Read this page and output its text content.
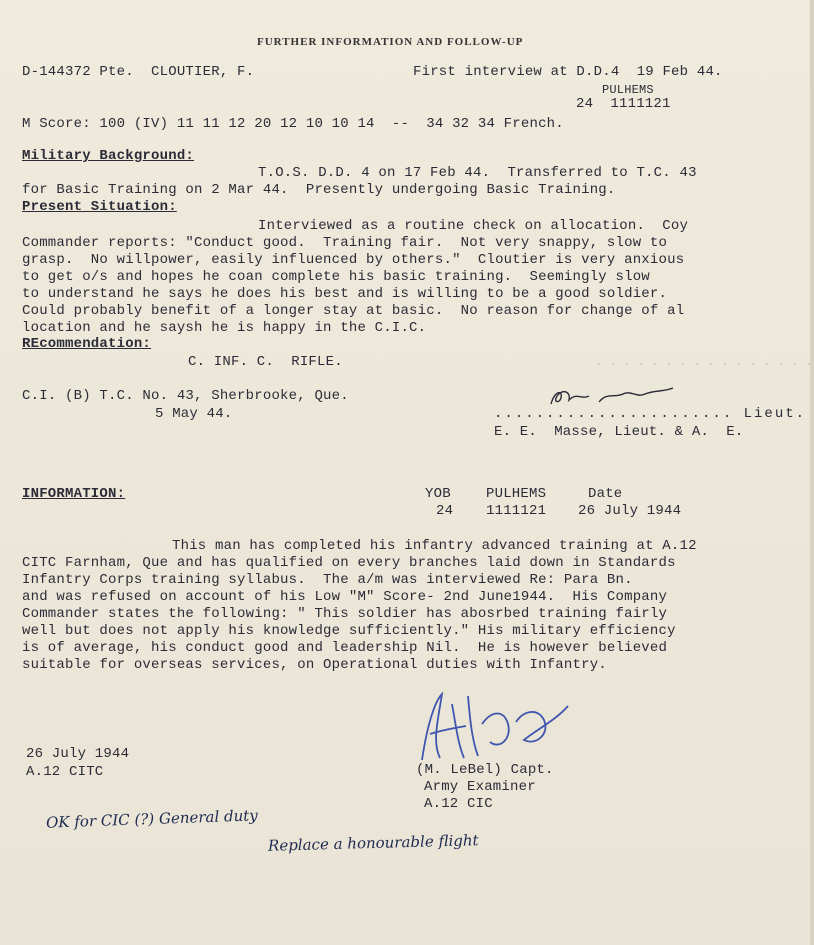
FURTHER INFORMATION AND FOLLOW-UP
D-144372 Pte.  CLOUTIER, F.	First interview at D.D.4  19 Feb 44.
PULHEMS
24  1111121
M Score: 100 (IV) 11 11 12 20 12 10 10 14  --  34 32 34 French.
Military Background:
T.O.S. D.D. 4 on 17 Feb 44.  Transferred to T.C. 43
for Basic Training on 2 Mar 44.  Presently undergoing Basic Training.
Present Situation:
Interviewed as a routine check on allocation.  Coy
Commander reports: "Conduct good.  Training fair.  Not very snappy, slow to
grasp.  No willpower, easily influenced by others."  Cloutier is very anxious
to get o/s and hopes he coan complete his basic training.  Seemingly slow
to understand he says he does his best and is willing to be a good soldier.
Could probably benefit of a longer stay at basic.  No reason for change of al
location and he saysh he is happy in the C.I.C.
REcommendation:
C. INF. C.  RIFLE.	· · · · · · · · · · · · · · · ·
C.I. (B) T.C. No. 43, Sherbrooke, Que.
5 May 44.	....................... Lieut.
E. E.  Masse, Lieut. & A.  E.
INFORMATION:	YOB	PULHEMS	Date
24 1111121 26 July 1944
This man has completed his infantry advanced training at A.12
CITC Farnham, Que and has qualified on every branches laid down in Standards
Infantry Corps training syllabus.  The a/m was interviewed Re: Para Bn.
and was refused on account of his Low "M" Score- 2nd June1944.  His Company
Commander states the following: " This soldier has abosrbed training fairly
well but does not apply his knowledge sufficiently." His military efficiency
is of average, his conduct good and leadership Nil.  He is however believed
suitable for overseas services, on Operational duties with Infantry.
26 July 1944
A.12 CITC	(M. LeBel) Capt.
Army Examiner
A.12 CIC
OK for CIC (?) General duty
Replace a honourable flight
